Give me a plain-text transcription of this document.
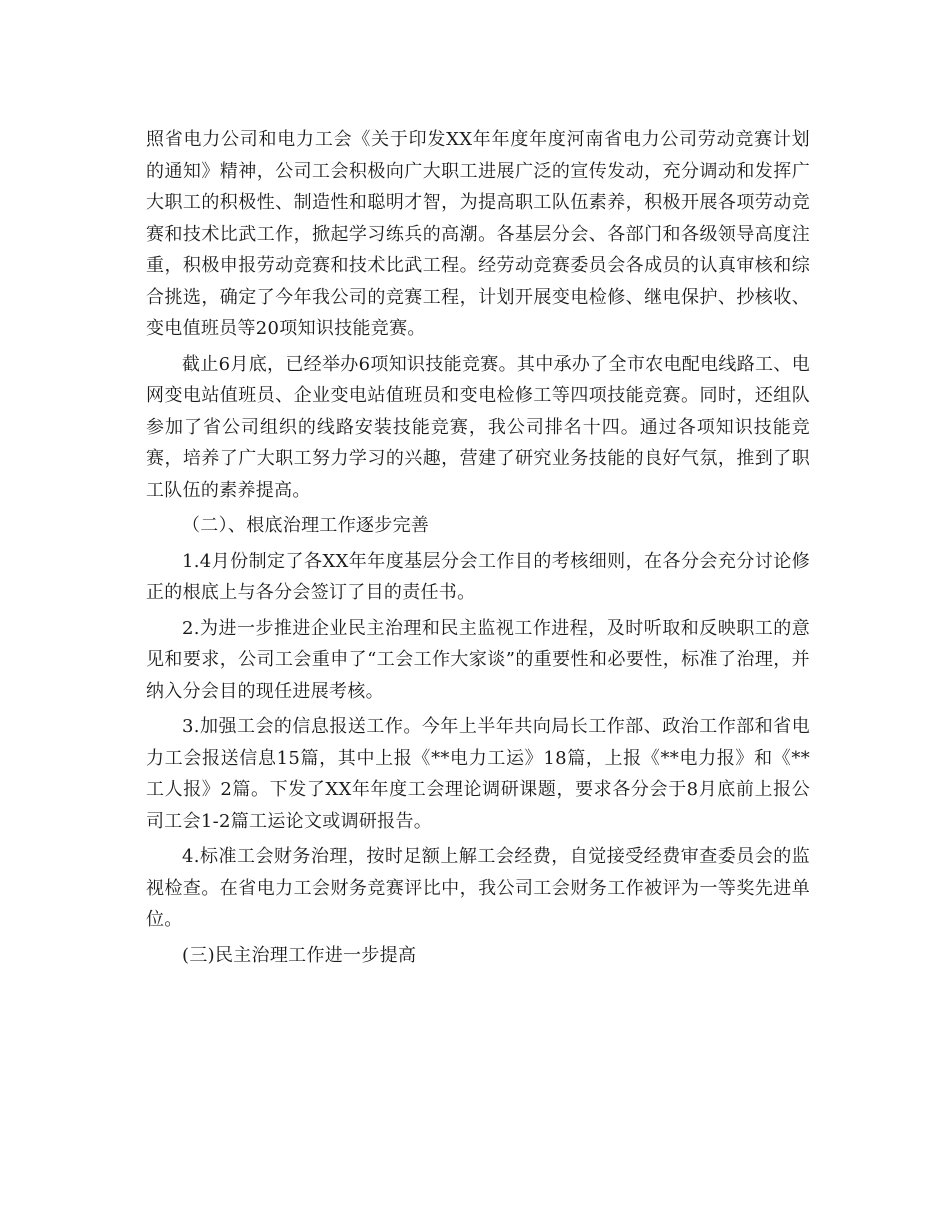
照省电力公司和电力工会《关于印发XX年年度年度河南省电力公司劳动竞赛计划的通知》精神，公司工会积极向广大职工进展广泛的宣传发动，充分调动和发挥广大职工的积极性、制造性和聪明才智，为提高职工队伍素养，积极开展各项劳动竞赛和技术比武工作，掀起学习练兵的高潮。各基层分会、各部门和各级领导高度注重，积极申报劳动竞赛和技术比武工程。经劳动竞赛委员会各成员的认真审核和综合挑选，确定了今年我公司的竞赛工程，计划开展变电检修、继电保护、抄核收、变电值班员等20项知识技能竞赛。

截止6月底，已经举办6项知识技能竞赛。其中承办了全市农电配电线路工、电网变电站值班员、企业变电站值班员和变电检修工等四项技能竞赛。同时，还组队参加了省公司组织的线路安装技能竞赛，我公司排名十四。通过各项知识技能竞赛，培养了广大职工努力学习的兴趣，营建了研究业务技能的良好气氛，推到了职工队伍的素养提高。

（二）、根底治理工作逐步完善

1.4月份制定了各XX年年度基层分会工作目的考核细则，在各分会充分讨论修正的根底上与各分会签订了目的责任书。

2.为进一步推进企业民主治理和民主监视工作进程，及时听取和反映职工的意见和要求，公司工会重申了“工会工作大家谈”的重要性和必要性，标准了治理，并纳入分会目的现任进展考核。

3.加强工会的信息报送工作。今年上半年共向局长工作部、政治工作部和省电力工会报送信息15篇，其中上报《**电力工运》18篇，上报《**电力报》和《**工人报》2篇。下发了XX年年度工会理论调研课题，要求各分会于8月底前上报公司工会1-2篇工运论文或调研报告。

4.标准工会财务治理，按时足额上解工会经费，自觉接受经费审查委员会的监视检查。在省电力工会财务竞赛评比中，我公司工会财务工作被评为一等奖先进单位。

(三)民主治理工作进一步提高
